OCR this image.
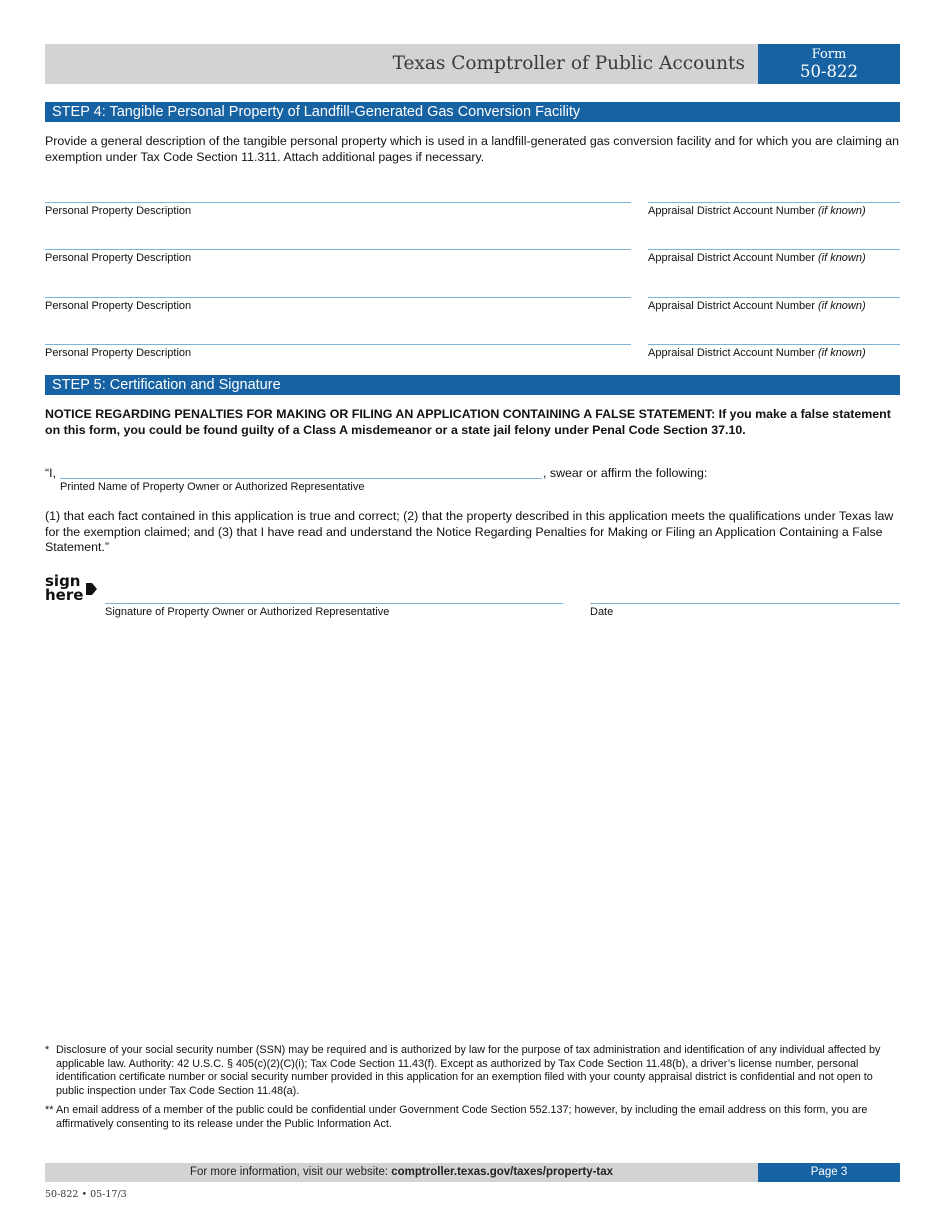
Texas Comptroller of Public Accounts	Form
50-822
STEP 4: Tangible Personal Property of Landfill-Generated Gas Conversion Facility
Provide a general description of the tangible personal property which is used in a landfill-generated gas conversion facility and for which you are claiming an exemption under Tax Code Section 11.311. Attach additional pages if necessary.
Personal Property Description	Appraisal District Account Number (if known)
Personal Property Description	Appraisal District Account Number (if known)
Personal Property Description	Appraisal District Account Number (if known)
Personal Property Description	Appraisal District Account Number (if known)
STEP 5: Certification and Signature
NOTICE REGARDING PENALTIES FOR MAKING OR FILING AN APPLICATION CONTAINING A FALSE STATEMENT: If you make a false statement on this form, you could be found guilty of a Class A misdemeanor or a state jail felony under Penal Code Section 37.10.
“I,	, swear or affirm the following:
Printed Name of Property Owner or Authorized Representative
(1) that each fact contained in this application is true and correct; (2) that the property described in this application meets the qualifications under Texas law for the exemption claimed; and (3) that I have read and understand the Notice Regarding Penalties for Making or Filing an Application Containing a False Statement.”
sign
here
Signature of Property Owner or Authorized Representative	Date
* Disclosure of your social security number (SSN) may be required and is authorized by law for the purpose of tax administration and identification of any individual affected by applicable law. Authority: 42 U.S.C. § 405(c)(2)(C)(i); Tax Code Section 11.43(f). Except as authorized by Tax Code Section 11.48(b), a driver’s license number, personal identification certificate number or social security number provided in this application for an exemption filed with your county appraisal district is confidential and not open to public inspection under Tax Code Section 11.48(a).
** An email address of a member of the public could be confidential under Government Code Section 552.137; however, by including the email address on this form, you are affirmatively consenting to its release under the Public Information Act.
For more information, visit our website: comptroller.texas.gov/taxes/property-tax	Page 3
50-822 • 05-17/3
